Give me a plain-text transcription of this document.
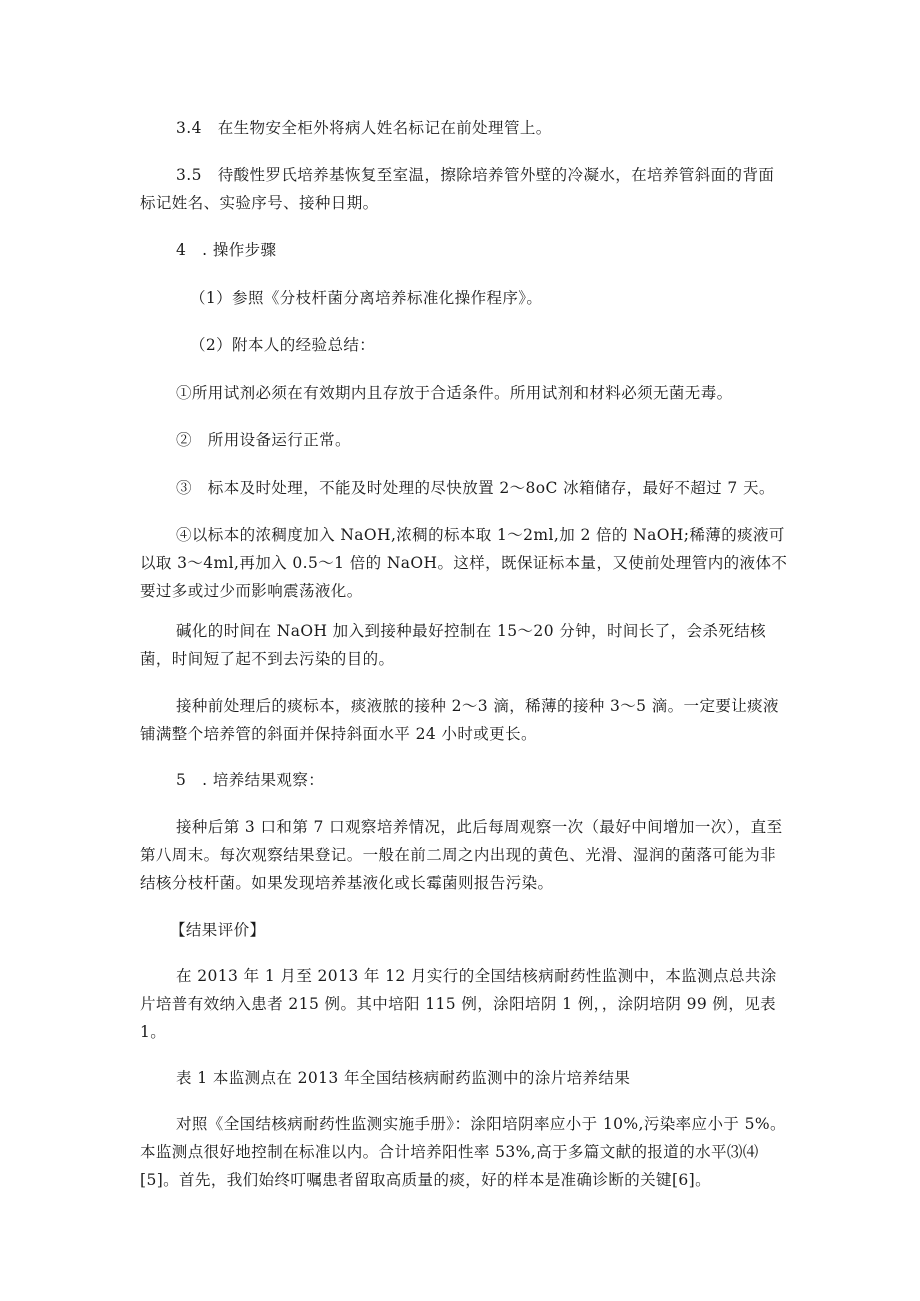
3.4　在生物安全柜外将病人姓名标记在前处理管上。
3.5　待酸性罗氏培养基恢复至室温，擦除培养管外壁的冷凝水，在培养管斜面的背面标记姓名、实验序号、接种日期。
4　. 操作步骤
（1）参照《分枝杆菌分离培养标准化操作程序》。
（2）附本人的经验总结：
①所用试剂必须在有效期内且存放于合适条件。所用试剂和材料必须无菌无毒。
②　所用设备运行正常。
③　标本及时处理，不能及时处理的尽快放置 2～8oC 冰箱储存，最好不超过 7 天。
④以标本的浓稠度加入 NaOH,浓稠的标本取 1～2ml,加 2 倍的 NaOH;稀薄的痰液可以取 3～4ml,再加入 0.5～1 倍的 NaOH。这样，既保证标本量，又使前处理管内的液体不要过多或过少而影响震荡液化。
碱化的时间在 NaOH 加入到接种最好控制在 15～20 分钟，时间长了，会杀死结核菌，时间短了起不到去污染的目的。
接种前处理后的痰标本，痰液脓的接种 2～3 滴，稀薄的接种 3～5 滴。一定要让痰液铺满整个培养管的斜面并保持斜面水平 24 小时或更长。
5　. 培养结果观察：
接种后第 3 口和第 7 口观察培养情况，此后每周观察一次（最好中间增加一次），直至第八周末。每次观察结果登记。一般在前二周之内出现的黄色、光滑、湿润的菌落可能为非结核分枝杆菌。如果发现培养基液化或长霉菌则报告污染。
【结果评价】
在 2013 年 1 月至 2013 年 12 月实行的全国结核病耐药性监测中，本监测点总共涂片培普有效纳入患者 215 例。其中培阳 115 例，涂阳培阴 1 例，，涂阴培阴 99 例，见表 1。
表 1 本监测点在 2013 年全国结核病耐药监测中的涂片培养结果
对照《全国结核病耐药性监测实施手册》：涂阳培阴率应小于 10%,污染率应小于 5%。本监测点很好地控制在标准以内。合计培养阳性率 53%,高于多篇文献的报道的水平⑶⑷[5]。首先，我们始终叮嘱患者留取高质量的痰，好的样本是准确诊断的关键[6]。
